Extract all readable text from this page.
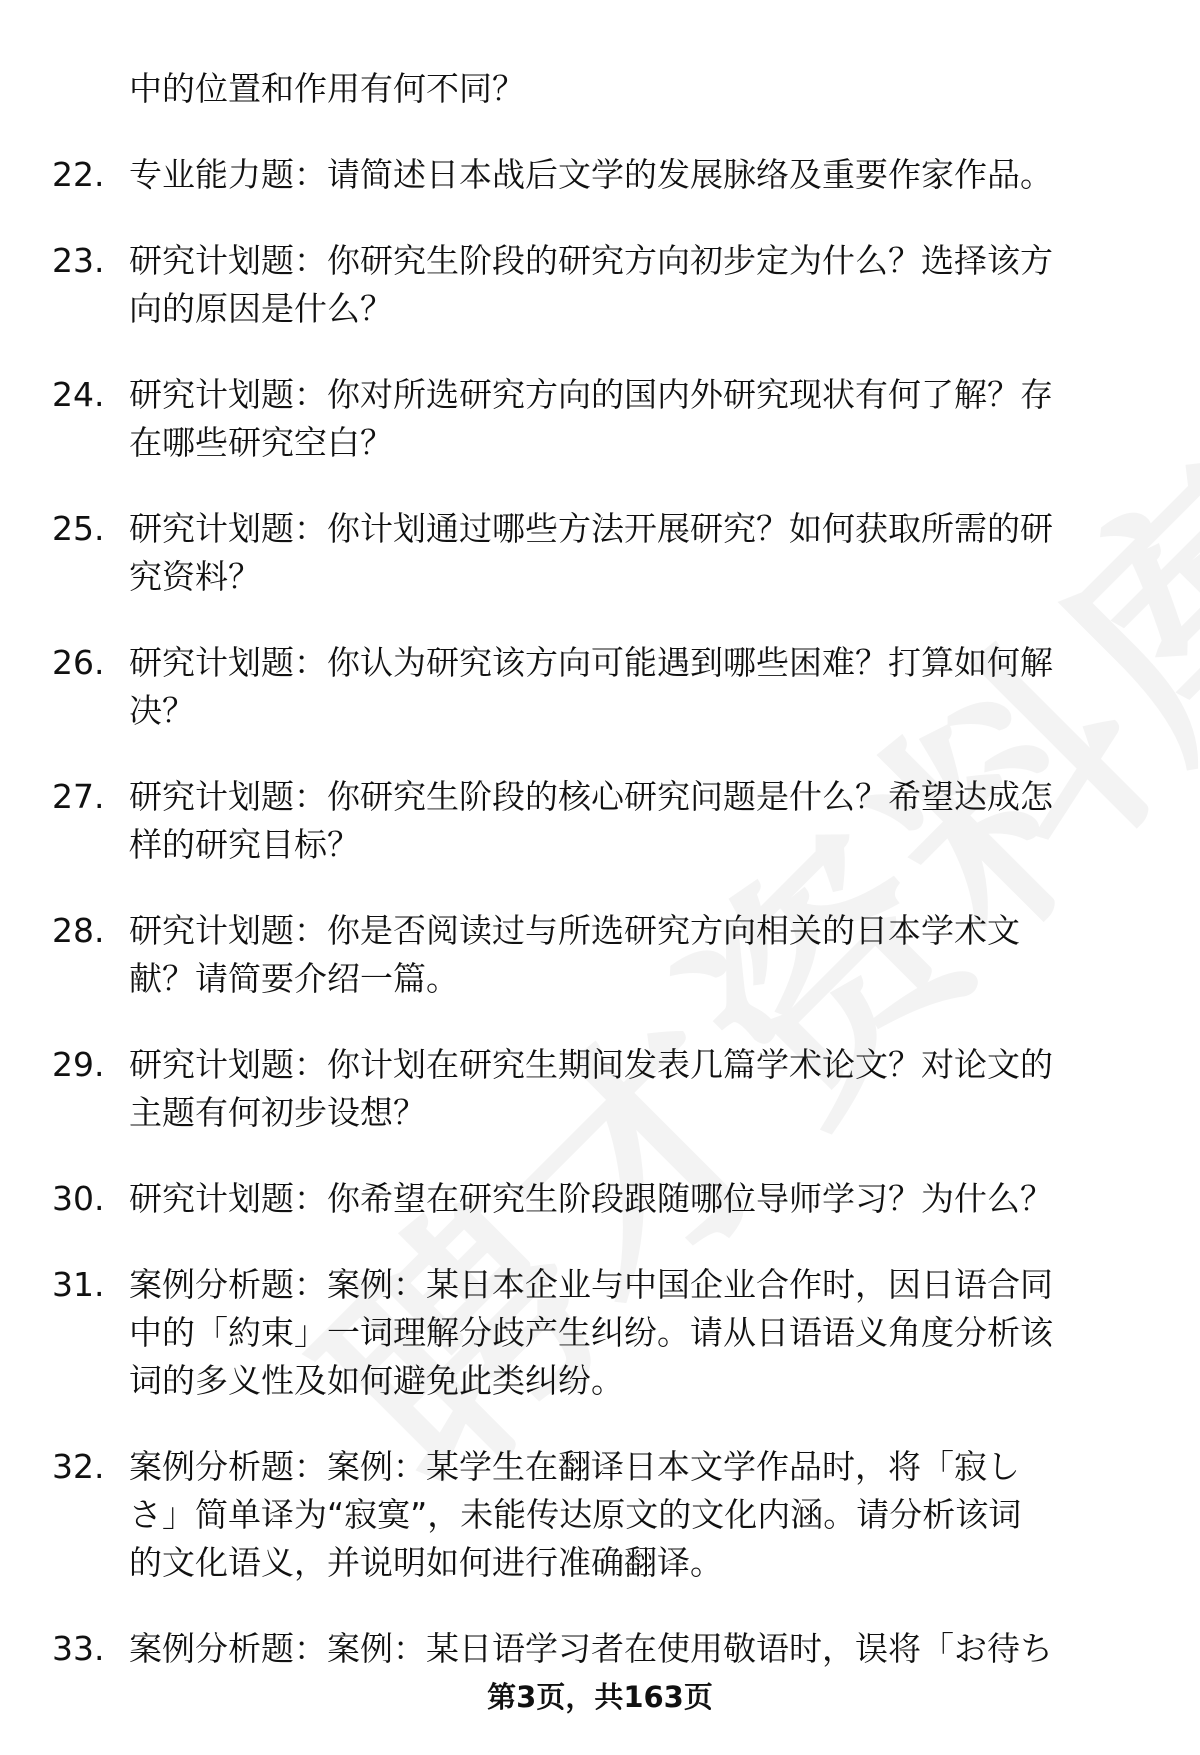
中的位置和作用有何不同？
22. 专业能力题：请简述日本战后文学的发展脉络及重要作家作品。
23. 研究计划题：你研究生阶段的研究方向初步定为什么？选择该方
向的原因是什么？
24. 研究计划题：你对所选研究方向的国内外研究现状有何了解？存
在哪些研究空白？
25. 研究计划题：你计划通过哪些方法开展研究？如何获取所需的研
究资料？
26. 研究计划题：你认为研究该方向可能遇到哪些困难？打算如何解
决？
27. 研究计划题：你研究生阶段的核心研究问题是什么？希望达成怎
样的研究目标？
28. 研究计划题：你是否阅读过与所选研究方向相关的日本学术文
献？请简要介绍一篇。
29. 研究计划题：你计划在研究生期间发表几篇学术论文？对论文的
主题有何初步设想？
30. 研究计划题：你希望在研究生阶段跟随哪位导师学习？为什么？
31. 案例分析题：案例：某日本企业与中国企业合作时，因日语合同
中的「約束」一词理解分歧产生纠纷。请从日语语义角度分析该
词的多义性及如何避免此类纠纷。
32. 案例分析题：案例：某学生在翻译日本文学作品时，将「寂し
さ」简单译为“寂寞”，未能传达原文的文化内涵。请分析该词
的文化语义，并说明如何进行准确翻译。
33. 案例分析题：案例：某日语学习者在使用敬语时，误将「お待ち
第3页，共163页
